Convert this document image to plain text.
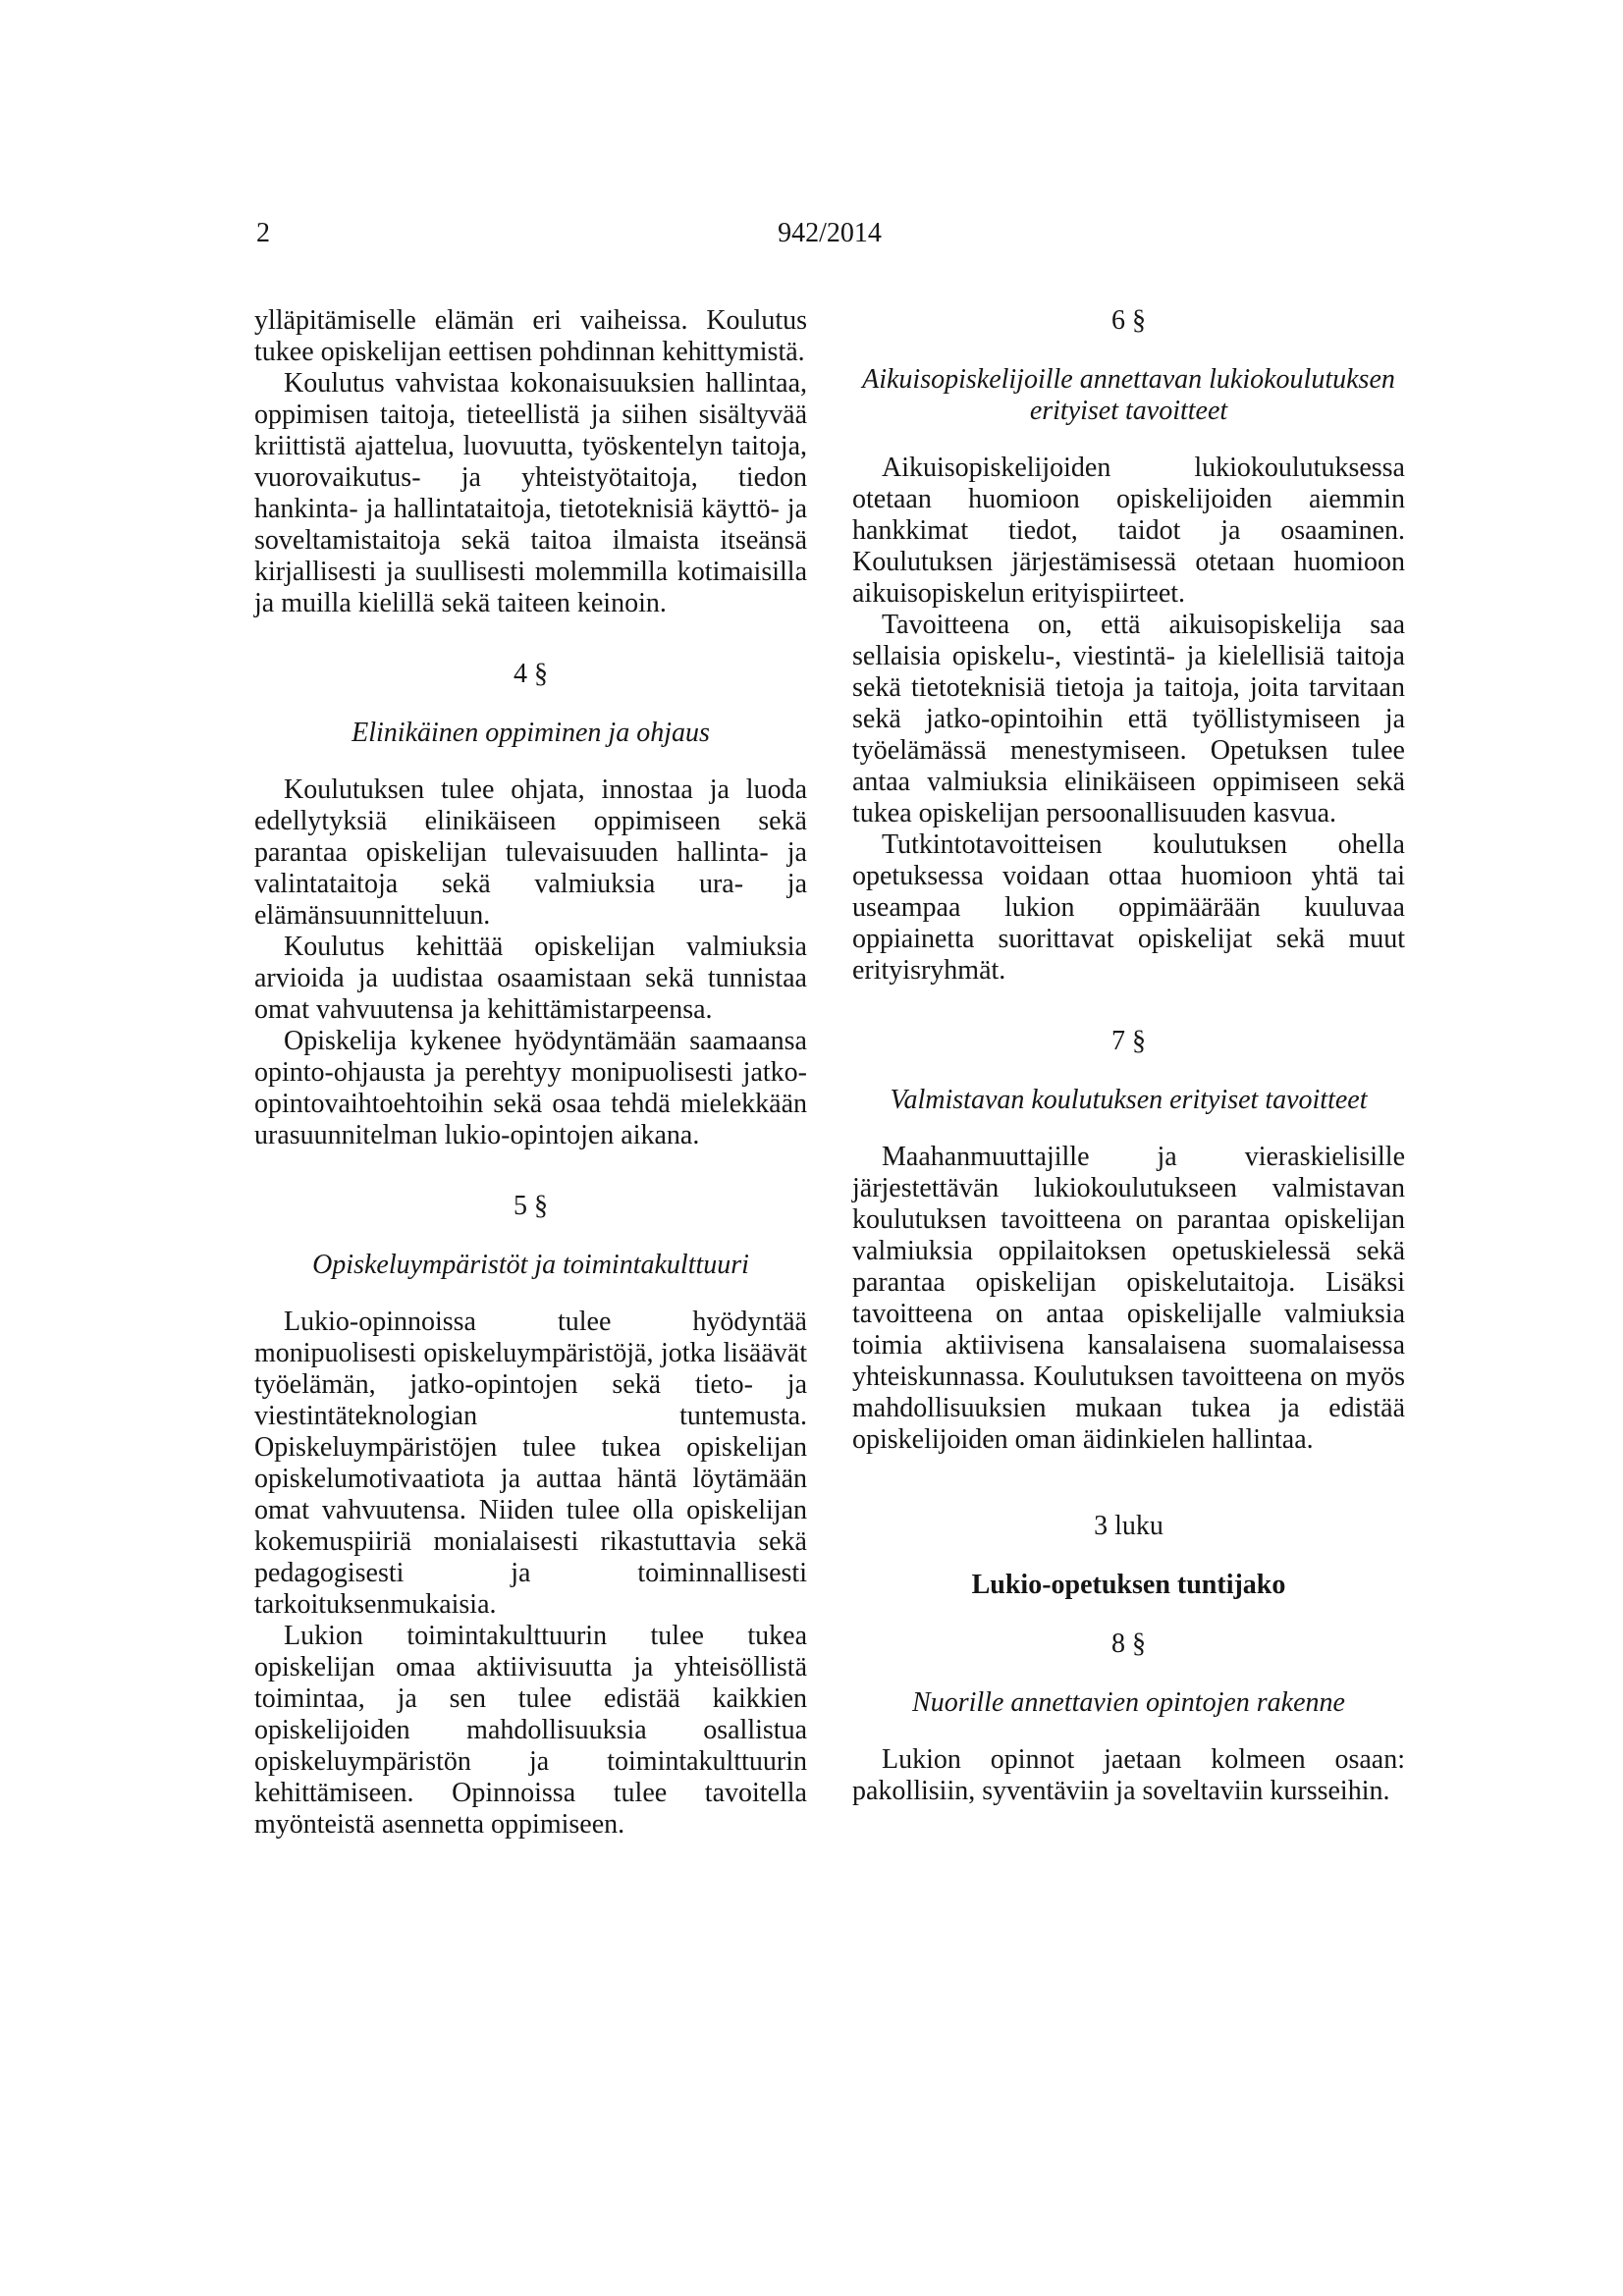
2	942/2014

ylläpitämiselle elämän eri vaiheissa. Koulutus tukee opiskelijan eettisen pohdinnan kehittymistä.

Koulutus vahvistaa kokonaisuuksien hallintaa, oppimisen taitoja, tieteellistä ja siihen sisältyvää kriittistä ajattelua, luovuutta, työskentelyn taitoja, vuorovaikutus- ja yhteistyötaitoja, tiedon hankinta- ja hallintataitoja, tietoteknisiä käyttö- ja soveltamistaitoja sekä taitoa ilmaista itseänsä kirjallisesti ja suullisesti molemmilla kotimaisilla ja muilla kielillä sekä taiteen keinoin.

4 §
Elinikäinen oppiminen ja ohjaus

Koulutuksen tulee ohjata, innostaa ja luoda edellytyksiä elinikäiseen oppimiseen sekä parantaa opiskelijan tulevaisuuden hallinta- ja valintataitoja sekä valmiuksia ura- ja elämänsuunnitteluun.

Koulutus kehittää opiskelijan valmiuksia arvioida ja uudistaa osaamistaan sekä tunnistaa omat vahvuutensa ja kehittämistarpeensa.

Opiskelija kykenee hyödyntämään saamaansa opinto-ohjausta ja perehtyy monipuolisesti jatko-opintovaihtoehtoihin sekä osaa tehdä mielekkään urasuunnitelman lukio-opintojen aikana.

5 §
Opiskeluympäristöt ja toimintakulttuuri

Lukio-opinnoissa tulee hyödyntää monipuolisesti opiskeluympäristöjä, jotka lisäävät työelämän, jatko-opintojen sekä tieto- ja viestintäteknologian tuntemusta. Opiskeluympäristöjen tulee tukea opiskelijan opiskelumotivaatiota ja auttaa häntä löytämään omat vahvuutensa. Niiden tulee olla opiskelijan kokemuspiiriä monialaisesti rikastuttavia sekä pedagogisesti ja toiminnallisesti tarkoituksenmukaisia.

Lukion toimintakulttuurin tulee tukea opiskelijan omaa aktiivisuutta ja yhteisöllistä toimintaa, ja sen tulee edistää kaikkien opiskelijoiden mahdollisuuksia osallistua opiskeluympäristön ja toimintakulttuurin kehittämiseen. Opinnoissa tulee tavoitella myönteistä asennetta oppimiseen.

6 §
Aikuisopiskelijoille annettavan lukiokoulutuksen erityiset tavoitteet

Aikuisopiskelijoiden lukiokoulutuksessa otetaan huomioon opiskelijoiden aiemmin hankkimat tiedot, taidot ja osaaminen. Koulutuksen järjestämisessä otetaan huomioon aikuisopiskelun erityispiirteet.

Tavoitteena on, että aikuisopiskelija saa sellaisia opiskelu-, viestintä- ja kielellisiä taitoja sekä tietoteknisiä tietoja ja taitoja, joita tarvitaan sekä jatko-opintoihin että työllistymiseen ja työelämässä menestymiseen. Opetuksen tulee antaa valmiuksia elinikäiseen oppimiseen sekä tukea opiskelijan persoonallisuuden kasvua.

Tutkintotavoitteisen koulutuksen ohella opetuksessa voidaan ottaa huomioon yhtä tai useampaa lukion oppimäärään kuuluvaa oppiainetta suorittavat opiskelijat sekä muut erityisryhmät.

7 §
Valmistavan koulutuksen erityiset tavoitteet

Maahanmuuttajille ja vieraskielisille järjestettävän lukiokoulutukseen valmistavan koulutuksen tavoitteena on parantaa opiskelijan valmiuksia oppilaitoksen opetuskielessä sekä parantaa opiskelijan opiskelutaitoja. Lisäksi tavoitteena on antaa opiskelijalle valmiuksia toimia aktiivisena kansalaisena suomalaisessa yhteiskunnassa. Koulutuksen tavoitteena on myös mahdollisuuksien mukaan tukea ja edistää opiskelijoiden oman äidinkielen hallintaa.

3 luku
Lukio-opetuksen tuntijako
8 §
Nuorille annettavien opintojen rakenne

Lukion opinnot jaetaan kolmeen osaan: pakollisiin, syventäviin ja soveltaviin kursseihin.
